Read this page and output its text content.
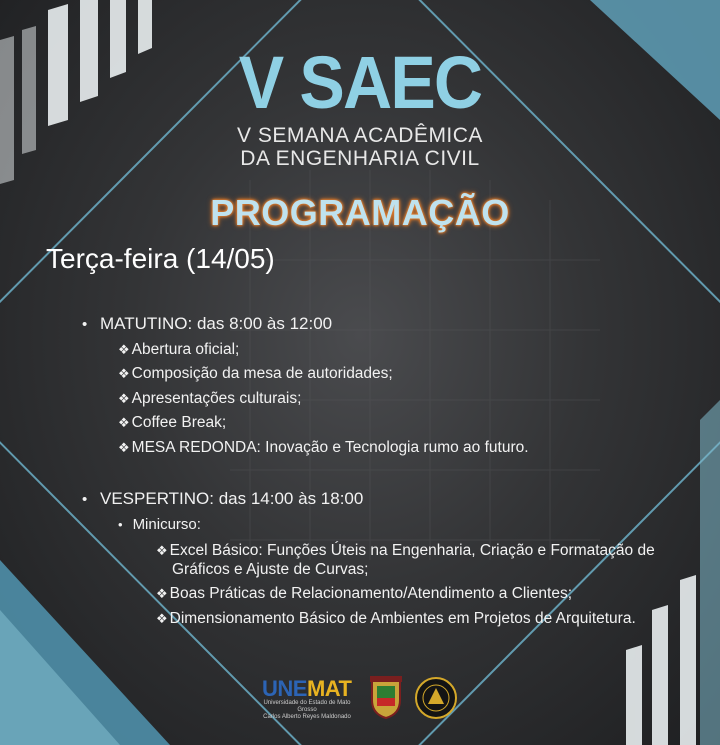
V SAEC
V SEMANA ACADÊMICA
DA ENGENHARIA CIVIL
PROGRAMAÇÃO
Terça-feira (14/05)
• MATUTINO: das 8:00 às 12:00
❖ Abertura oficial;
❖ Composição da mesa de autoridades;
❖ Apresentações culturais;
❖ Coffee Break;
❖ MESA REDONDA: Inovação e Tecnologia rumo ao futuro.
• VESPERTINO: das 14:00 às 18:00
• Minicurso:
❖ Excel Básico: Funções Úteis na Engenharia, Criação e Formatação de
Gráficos e Ajuste de Curvas;
❖ Boas Práticas de Relacionamento/Atendimento a Clientes;
❖ Dimensionamento Básico de Ambientes em Projetos de Arquitetura.
UNEMAT
Universidade do Estado de Mato Grosso
Carlos Alberto Reyes Maldonado
